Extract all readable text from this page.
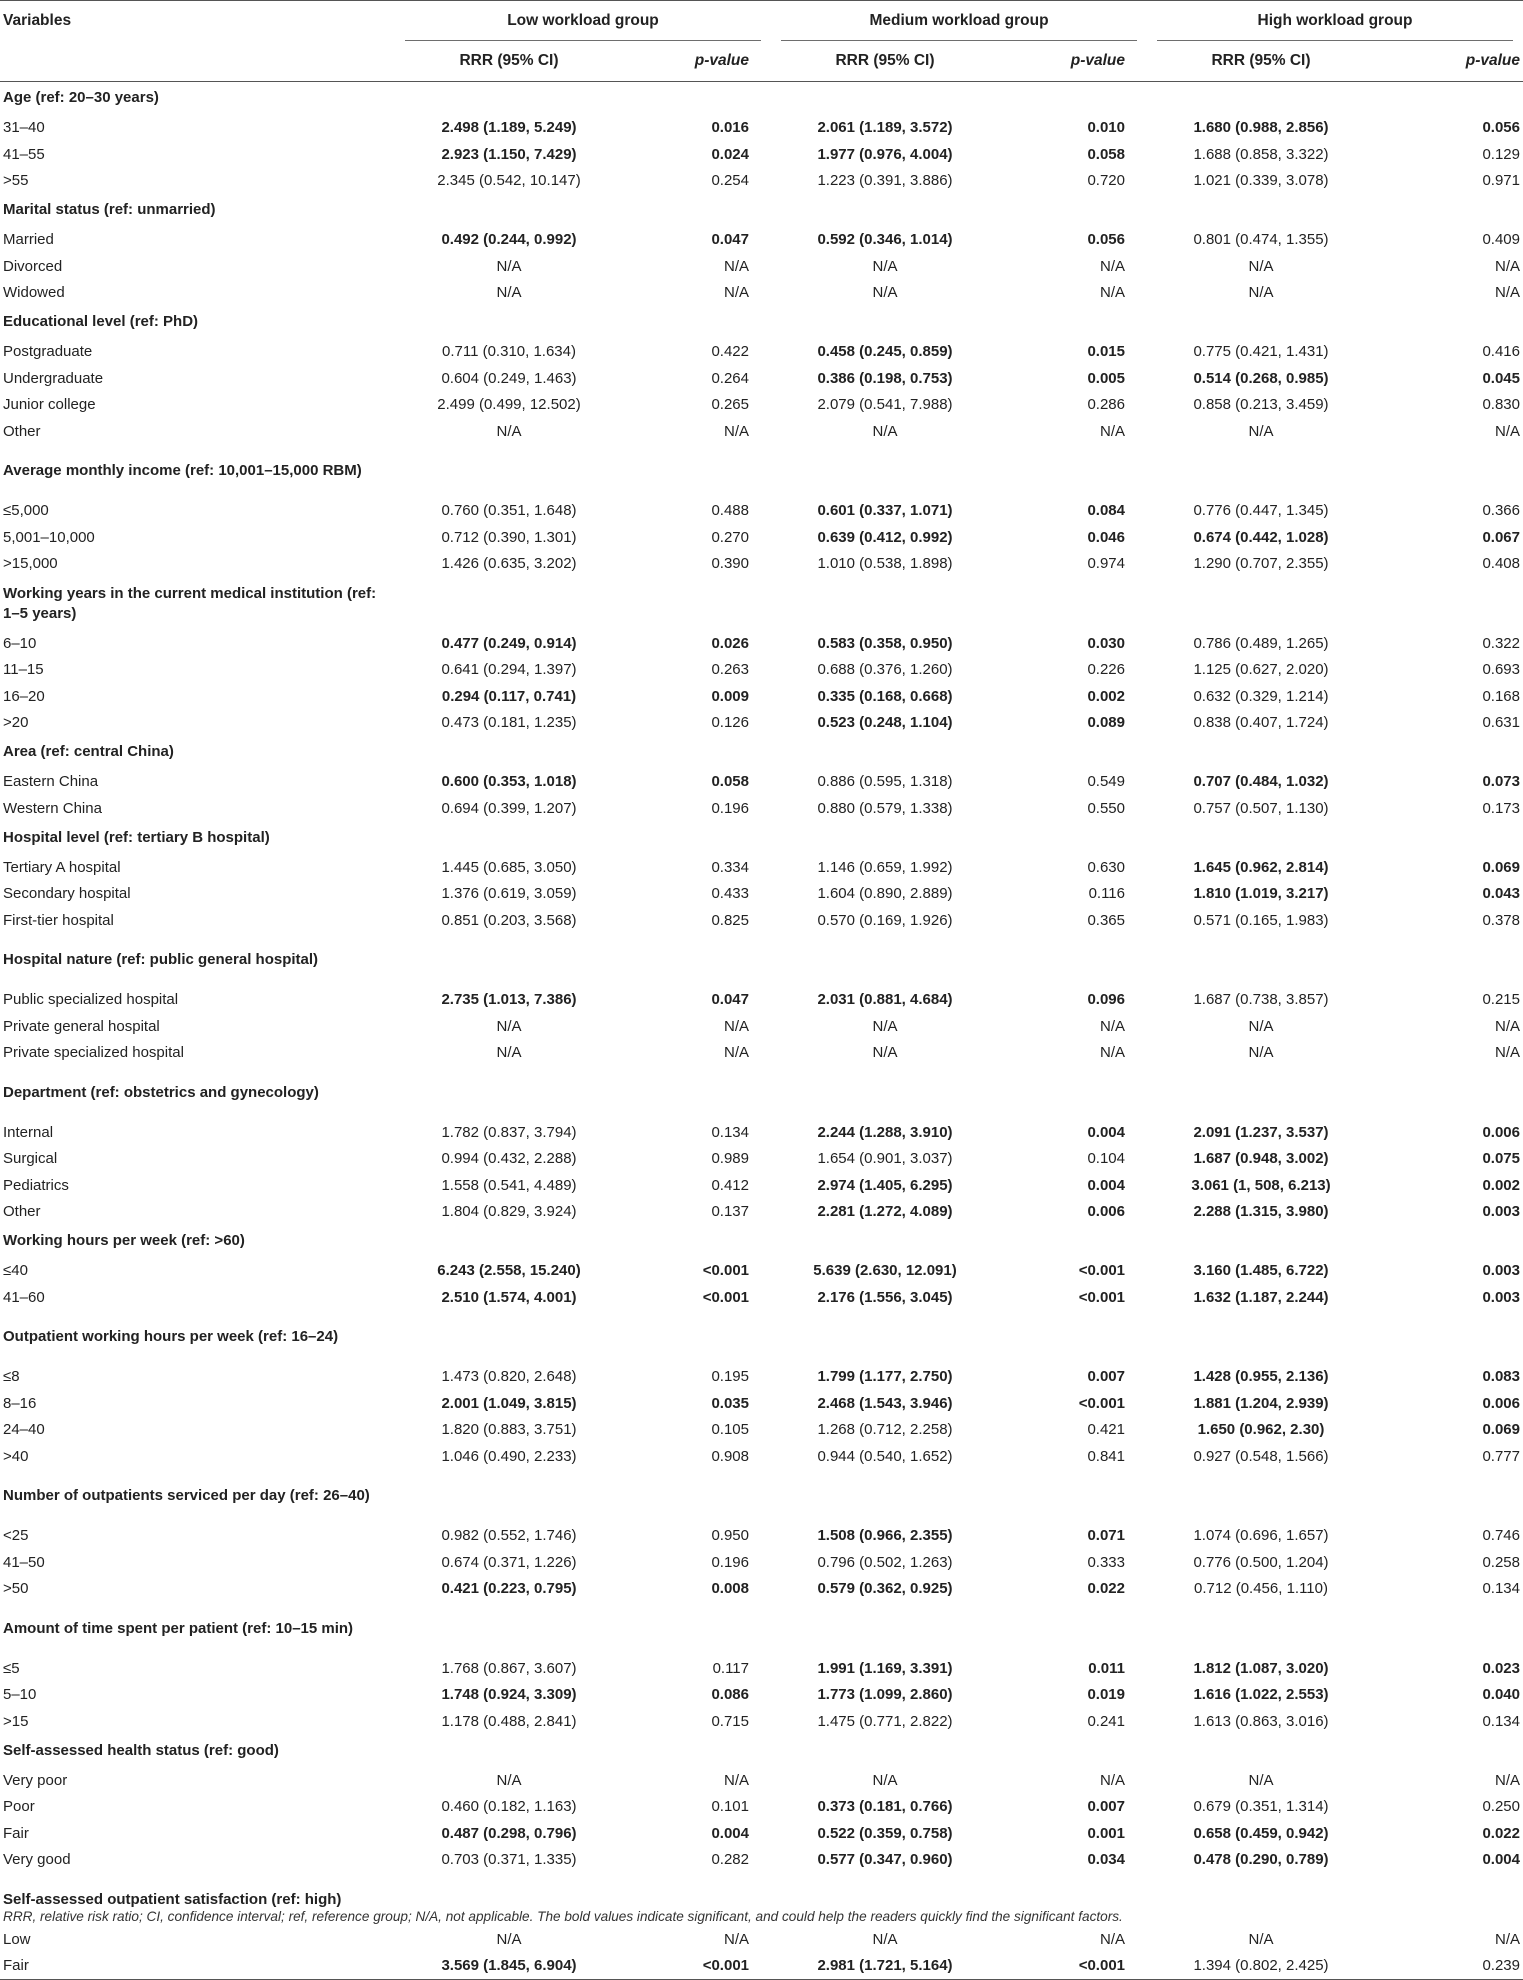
Variables	Low workload group		Medium workload group		High workload group	

	RRR (95% CI)	p-value	RRR (95% CI)	p-value	RRR (95% CI)	p-value
Age (ref: 20–30 years)						
31–40	2.498 (1.189, 5.249)	0.016	2.061 (1.189, 3.572)	0.010	1.680 (0.988, 2.856)	0.056
41–55	2.923 (1.150, 7.429)	0.024	1.977 (0.976, 4.004)	0.058	1.688 (0.858, 3.322)	0.129
>55	2.345 (0.542, 10.147)	0.254	1.223 (0.391, 3.886)	0.720	1.021 (0.339, 3.078)	0.971
Marital status (ref: unmarried)						
Married	0.492 (0.244, 0.992)	0.047	0.592 (0.346, 1.014)	0.056	0.801 (0.474, 1.355)	0.409
Divorced	N/A	N/A	N/A	N/A	N/A	N/A
Widowed	N/A	N/A	N/A	N/A	N/A	N/A
Educational level (ref: PhD)						
Postgraduate	0.711 (0.310, 1.634)	0.422	0.458 (0.245, 0.859)	0.015	0.775 (0.421, 1.431)	0.416
Undergraduate	0.604 (0.249, 1.463)	0.264	0.386 (0.198, 0.753)	0.005	0.514 (0.268, 0.985)	0.045
Junior college	2.499 (0.499, 12.502)	0.265	2.079 (0.541, 7.988)	0.286	0.858 (0.213, 3.459)	0.830
Other	N/A	N/A	N/A	N/A	N/A	N/A
Average monthly income (ref: 10,001–15,000 RBM)						
≤5,000	0.760 (0.351, 1.648)	0.488	0.601 (0.337, 1.071)	0.084	0.776 (0.447, 1.345)	0.366
5,001–10,000	0.712 (0.390, 1.301)	0.270	0.639 (0.412, 0.992)	0.046	0.674 (0.442, 1.028)	0.067
>15,000	1.426 (0.635, 3.202)	0.390	1.010 (0.538, 1.898)	0.974	1.290 (0.707, 2.355)	0.408
Working years in the current medical institution (ref: 1–5 years)						
6–10	0.477 (0.249, 0.914)	0.026	0.583 (0.358, 0.950)	0.030	0.786 (0.489, 1.265)	0.322
11–15	0.641 (0.294, 1.397)	0.263	0.688 (0.376, 1.260)	0.226	1.125 (0.627, 2.020)	0.693
16–20	0.294 (0.117, 0.741)	0.009	0.335 (0.168, 0.668)	0.002	0.632 (0.329, 1.214)	0.168
>20	0.473 (0.181, 1.235)	0.126	0.523 (0.248, 1.104)	0.089	0.838 (0.407, 1.724)	0.631
Area (ref: central China)						
Eastern China	0.600 (0.353, 1.018)	0.058	0.886 (0.595, 1.318)	0.549	0.707 (0.484, 1.032)	0.073
Western China	0.694 (0.399, 1.207)	0.196	0.880 (0.579, 1.338)	0.550	0.757 (0.507, 1.130)	0.173
Hospital level (ref: tertiary B hospital)						
Tertiary A hospital	1.445 (0.685, 3.050)	0.334	1.146 (0.659, 1.992)	0.630	1.645 (0.962, 2.814)	0.069
Secondary hospital	1.376 (0.619, 3.059)	0.433	1.604 (0.890, 2.889)	0.116	1.810 (1.019, 3.217)	0.043
First-tier hospital	0.851 (0.203, 3.568)	0.825	0.570 (0.169, 1.926)	0.365	0.571 (0.165, 1.983)	0.378
Hospital nature (ref: public general hospital)						
Public specialized hospital	2.735 (1.013, 7.386)	0.047	2.031 (0.881, 4.684)	0.096	1.687 (0.738, 3.857)	0.215
Private general hospital	N/A	N/A	N/A	N/A	N/A	N/A
Private specialized hospital	N/A	N/A	N/A	N/A	N/A	N/A
Department (ref: obstetrics and gynecology)						
Internal	1.782 (0.837, 3.794)	0.134	2.244 (1.288, 3.910)	0.004	2.091 (1.237, 3.537)	0.006
Surgical	0.994 (0.432, 2.288)	0.989	1.654 (0.901, 3.037)	0.104	1.687 (0.948, 3.002)	0.075
Pediatrics	1.558 (0.541, 4.489)	0.412	2.974 (1.405, 6.295)	0.004	3.061 (1, 508, 6.213)	0.002
Other	1.804 (0.829, 3.924)	0.137	2.281 (1.272, 4.089)	0.006	2.288 (1.315, 3.980)	0.003
Working hours per week (ref: >60)						
≤40	6.243 (2.558, 15.240)	<0.001	5.639 (2.630, 12.091)	<0.001	3.160 (1.485, 6.722)	0.003
41–60	2.510 (1.574, 4.001)	<0.001	2.176 (1.556, 3.045)	<0.001	1.632 (1.187, 2.244)	0.003
Outpatient working hours per week (ref: 16–24)						
≤8	1.473 (0.820, 2.648)	0.195	1.799 (1.177, 2.750)	0.007	1.428 (0.955, 2.136)	0.083
8–16	2.001 (1.049, 3.815)	0.035	2.468 (1.543, 3.946)	<0.001	1.881 (1.204, 2.939)	0.006
24–40	1.820 (0.883, 3.751)	0.105	1.268 (0.712, 2.258)	0.421	1.650 (0.962, 2.30)	0.069
>40	1.046 (0.490, 2.233)	0.908	0.944 (0.540, 1.652)	0.841	0.927 (0.548, 1.566)	0.777
Number of outpatients serviced per day (ref: 26–40)						
<25	0.982 (0.552, 1.746)	0.950	1.508 (0.966, 2.355)	0.071	1.074 (0.696, 1.657)	0.746
41–50	0.674 (0.371, 1.226)	0.196	0.796 (0.502, 1.263)	0.333	0.776 (0.500, 1.204)	0.258
>50	0.421 (0.223, 0.795)	0.008	0.579 (0.362, 0.925)	0.022	0.712 (0.456, 1.110)	0.134
Amount of time spent per patient (ref: 10–15 min)						
≤5	1.768 (0.867, 3.607)	0.117	1.991 (1.169, 3.391)	0.011	1.812 (1.087, 3.020)	0.023
5–10	1.748 (0.924, 3.309)	0.086	1.773 (1.099, 2.860)	0.019	1.616 (1.022, 2.553)	0.040
>15	1.178 (0.488, 2.841)	0.715	1.475 (0.771, 2.822)	0.241	1.613 (0.863, 3.016)	0.134
Self-assessed health status (ref: good)						
Very poor	N/A	N/A	N/A	N/A	N/A	N/A
Poor	0.460 (0.182, 1.163)	0.101	0.373 (0.181, 0.766)	0.007	0.679 (0.351, 1.314)	0.250
Fair	0.487 (0.298, 0.796)	0.004	0.522 (0.359, 0.758)	0.001	0.658 (0.459, 0.942)	0.022
Very good	0.703 (0.371, 1.335)	0.282	0.577 (0.347, 0.960)	0.034	0.478 (0.290, 0.789)	0.004
Self-assessed outpatient satisfaction (ref: high)						
Low	N/A	N/A	N/A	N/A	N/A	N/A
Fair	3.569 (1.845, 6.904)	<0.001	2.981 (1.721, 5.164)	<0.001	1.394 (0.802, 2.425)	0.239
RRR, relative risk ratio; CI, confidence interval; ref, reference group; N/A, not applicable. The bold values indicate significant, and could help the readers quickly find the significant factors.
